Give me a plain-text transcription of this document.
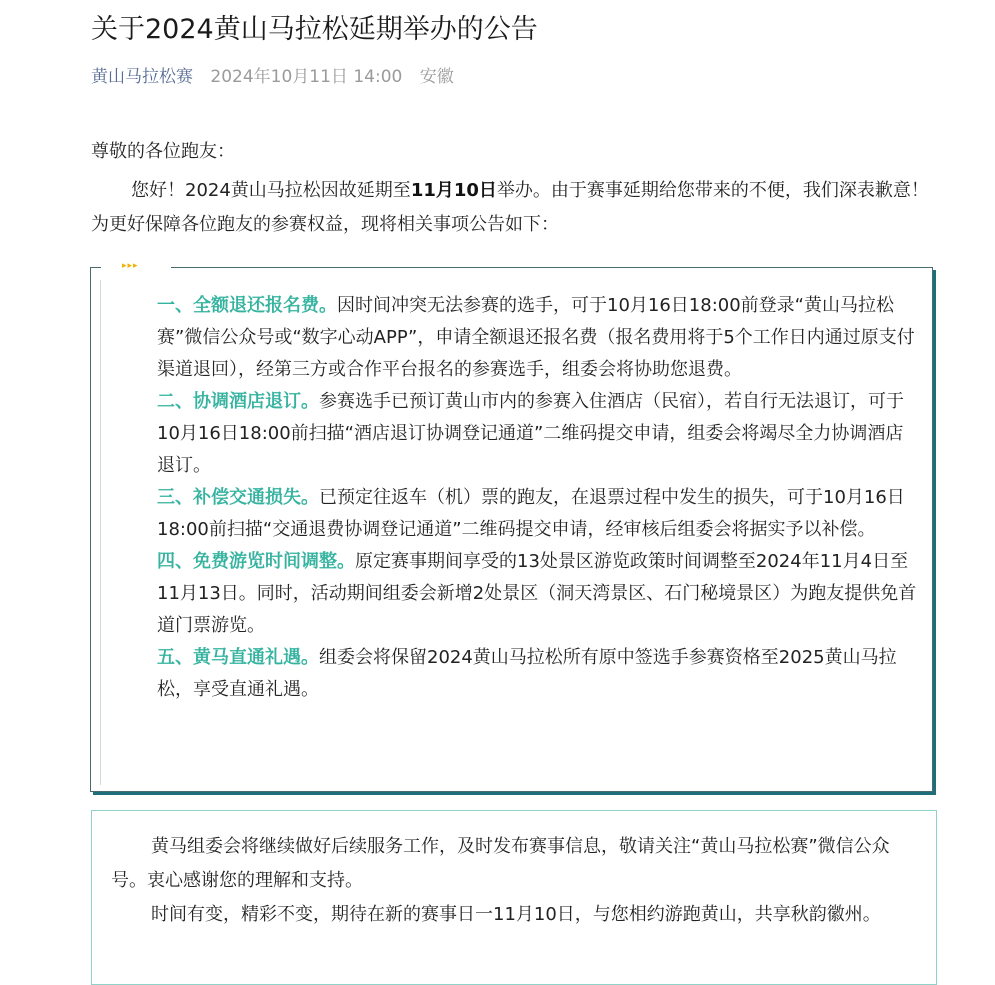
关于2024黄山马拉松延期举办的公告
黄山马拉松赛 2024年10月11日 14:00 安徽
尊敬的各位跑友：
您好！2024黄山马拉松因故延期至11月10日举办。由于赛事延期给您带来的不便，我们深表歉意！为更好保障各位跑友的参赛权益，现将相关事项公告如下：
▸▸▸

一、全额退还报名费。因时间冲突无法参赛的选手，可于10月16日18:00前登录“黄山马拉松赛”微信公众号或“数字心动APP”，申请全额退还报名费（报名费用将于5个工作日内通过原支付渠道退回），经第三方或合作平台报名的参赛选手，组委会将协助您退费。

二、协调酒店退订。参赛选手已预订黄山市内的参赛入住酒店（民宿），若自行无法退订，可于10月16日18:00前扫描“酒店退订协调登记通道”二维码提交申请，组委会将竭尽全力协调酒店退订。

三、补偿交通损失。已预定往返车（机）票的跑友，在退票过程中发生的损失，可于10月16日18:00前扫描“交通退费协调登记通道”二维码提交申请，经审核后组委会将据实予以补偿。

四、免费游览时间调整。原定赛事期间享受的13处景区游览政策时间调整至2024年11月4日至11月13日。同时，活动期间组委会新增2处景区（洞天湾景区、石门秘境景区）为跑友提供免首道门票游览。

五、黄马直通礼遇。组委会将保留2024黄山马拉松所有原中签选手参赛资格至2025黄山马拉松，享受直通礼遇。

黄马组委会将继续做好后续服务工作，及时发布赛事信息，敬请关注“黄山马拉松赛”微信公众号。衷心感谢您的理解和支持。

时间有变，精彩不变，期待在新的赛事日一11月10日，与您相约游跑黄山，共享秋韵徽州。
